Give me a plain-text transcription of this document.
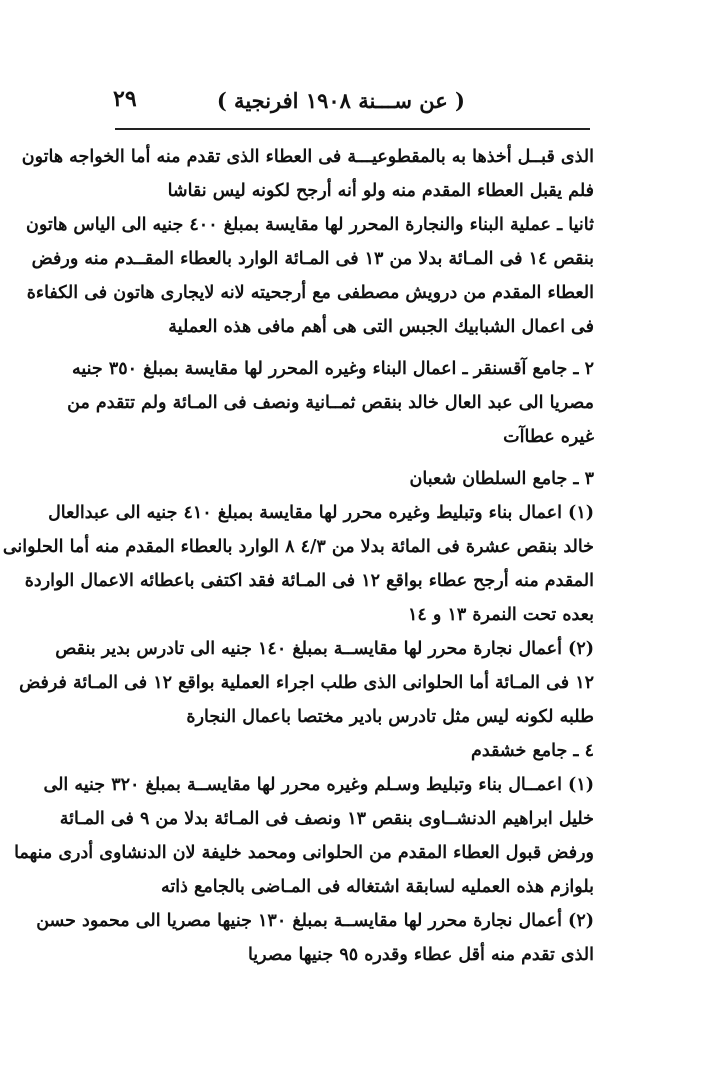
( عن ســـنة ١٩٠٨ افرنجية )
٢٩
الذى قبــل أخذها به بالمقطوعيـــة فى العطاء الذى تقدم منه أما الخواجه هاتون
فلم يقبل العطاء المقدم منه ولو أنه أرجح لكونه ليس نقاشا
ثانيا ـ عملية البناء والنجارة المحرر لها مقايسة بمبلغ ٤٠٠ جنيه الى الياس هاتون
بنقص ١٤ فى المـائة بدلا من ١٣ فى المـائة الوارد بالعطاء المقــدم منه ورفض
العطاء المقدم من درويش مصطفى مع أرجحيته لانه لايجارى هاتون فى الكفاءة
فى اعمال الشبابيك الجبس التى هى أهم مافى هذه العملية
٢ ـ جامع آقسنقر ـ اعمال البناء وغيره المحرر لها مقايسة بمبلغ ٣٥٠ جنيه
مصريا الى عبد العال خالد بنقص ثمــانية ونصف فى المـائة ولم تتقدم من
غيره عطاآت
٣ ـ جامع السلطان شعبان
(١) اعمال بناء وتبليط وغيره محرر لها مقايسة بمبلغ ٤١٠ جنيه الى عبدالعال
خالد بنقص عشرة فى المائة بدلا من ٤/٣ ٨ الوارد بالعطاء المقدم منه أما الحلوانى
المقدم منه أرجح عطاء بواقع ١٢ فى المـائة فقد اكتفى باعطائه الاعمال الواردة
بعده تحت النمرة ١٣ و ١٤
(٢) أعمال نجارة محرر لها مقايســة بمبلغ ١٤٠ جنيه الى تادرس بدير بنقص
١٢ فى المـائة أما الحلوانى الذى طلب اجراء العملية بواقع ١٢ فى المـائة فرفض
طلبه لكونه ليس مثل تادرس بادير مختصا باعمال النجارة
٤ ـ جامع خشقدم
(١) اعمــال بناء وتبليط وسـلم وغيره محرر لها مقايســة بمبلغ ٣٢٠ جنيه الى
خليل ابراهيم الدنشــاوى بنقص ١٣ ونصف فى المـائة بدلا من ٩ فى المـائة
ورفض قبول العطاء المقدم من الحلوانى ومحمد خليفة لان الدنشاوى أدرى منهما
بلوازم هذه العمليه لسابقة اشتغاله فى المـاضى بالجامع ذاته
(٢) أعمال نجارة محرر لها مقايســة بمبلغ ١٣٠ جنيها مصريا الى محمود حسن
الذى تقدم منه أقل عطاء وقدره ٩٥ جنيها مصريا
